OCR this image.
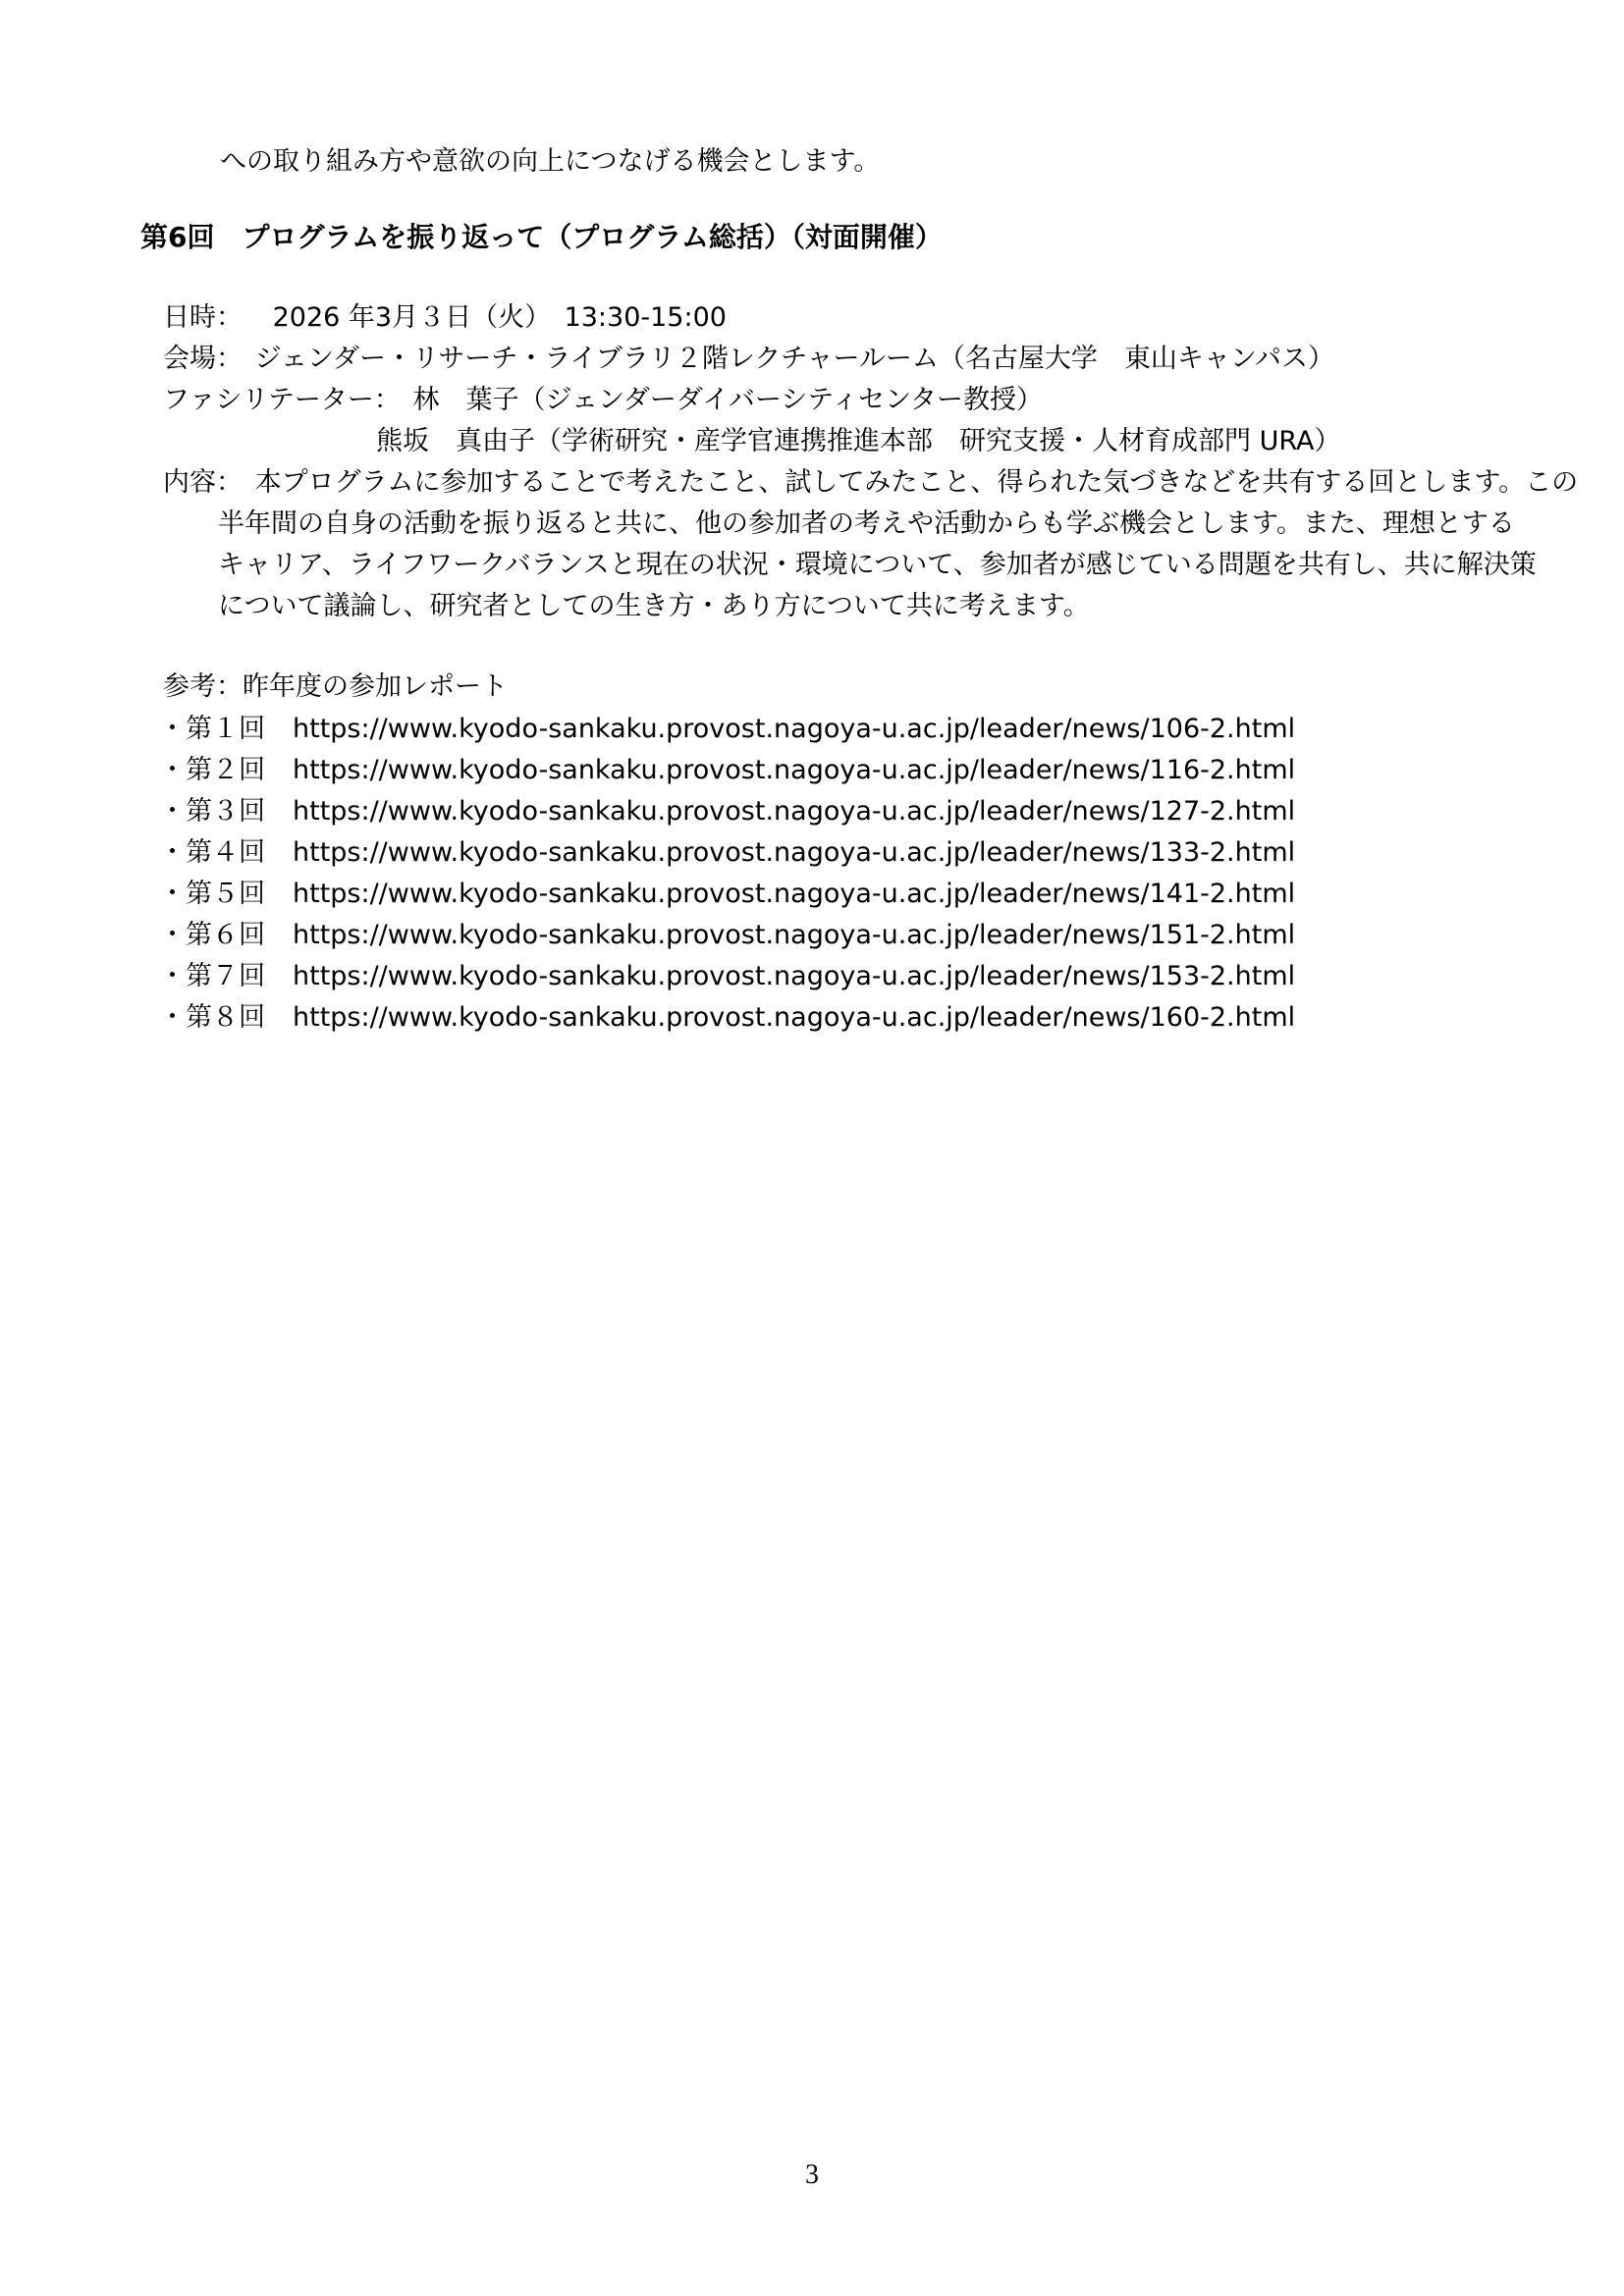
への取り組み方や意欲の向上につなげる機会とします。
第6回　プログラムを振り返って（プログラム総括）（対面開催）
日時： 2026 年3月３日（火）　13:30-15:00
会場： ジェンダー・リサーチ・ライブラリ２階レクチャールーム（名古屋大学　東山キャンパス）
ファシリテーター： 林　葉子（ジェンダーダイバーシティセンター教授）
熊坂　真由子（学術研究・産学官連携推進本部　研究支援・人材育成部門 URA）
内容： 本プログラムに参加することで考えたこと、試してみたこと、得られた気づきなどを共有する回とします。この
半年間の自身の活動を振り返ると共に、他の参加者の考えや活動からも学ぶ機会とします。また、理想とする
キャリア、ライフワークバランスと現在の状況・環境について、参加者が感じている問題を共有し、共に解決策
について議論し、研究者としての生き方・あり方について共に考えます。
参考：昨年度の参加レポート
・第１回	https://www.kyodo-sankaku.provost.nagoya-u.ac.jp/leader/news/106-2.html
・第２回	https://www.kyodo-sankaku.provost.nagoya-u.ac.jp/leader/news/116-2.html
・第３回	https://www.kyodo-sankaku.provost.nagoya-u.ac.jp/leader/news/127-2.html
・第４回	https://www.kyodo-sankaku.provost.nagoya-u.ac.jp/leader/news/133-2.html
・第５回	https://www.kyodo-sankaku.provost.nagoya-u.ac.jp/leader/news/141-2.html
・第６回	https://www.kyodo-sankaku.provost.nagoya-u.ac.jp/leader/news/151-2.html
・第７回	https://www.kyodo-sankaku.provost.nagoya-u.ac.jp/leader/news/153-2.html
・第８回	https://www.kyodo-sankaku.provost.nagoya-u.ac.jp/leader/news/160-2.html
3
